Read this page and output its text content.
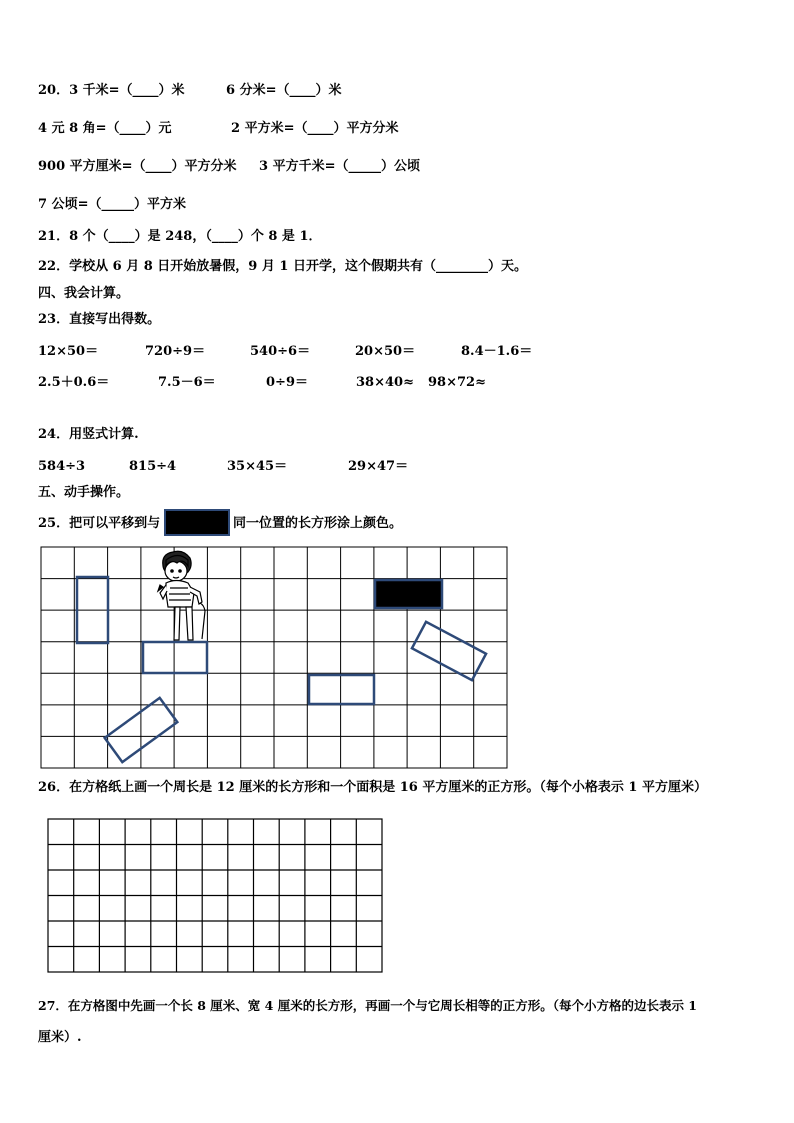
20．3 千米=（____）米	6 分米=（____）米
4 元 8 角=（____）元	2 平方米=（____）平方分米
900 平方厘米=（____）平方分米 3 平方千米=（_____）公顷
7 公顷=（_____）平方米
21．8 个（____）是 248，（____）个 8 是 1．
22．学校从 6 月 8 日开始放暑假，9 月 1 日开学，这个假期共有（________）天。
四、我会计算。
23．直接写出得数。
12×50＝	720÷9＝	540÷6＝	20×50＝	8.4－1.6＝
2.5＋0.6＝	7.5－6＝	0÷9＝	38×40≈ 98×72≈
24．用竖式计算.
584÷3	815÷4	35×45＝	29×47＝
五、动手操作。
25．把可以平移到与	同一位置的长方形涂上颜色。
26．在方格纸上画一个周长是 12 厘米的长方形和一个面积是 16 平方厘米的正方形。（每个小格表示 1 平方厘米）
27．在方格图中先画一个长 8 厘米、宽 4 厘米的长方形，再画一个与它周长相等的正方形。（每个小方格的边长表示 1
厘米）.
